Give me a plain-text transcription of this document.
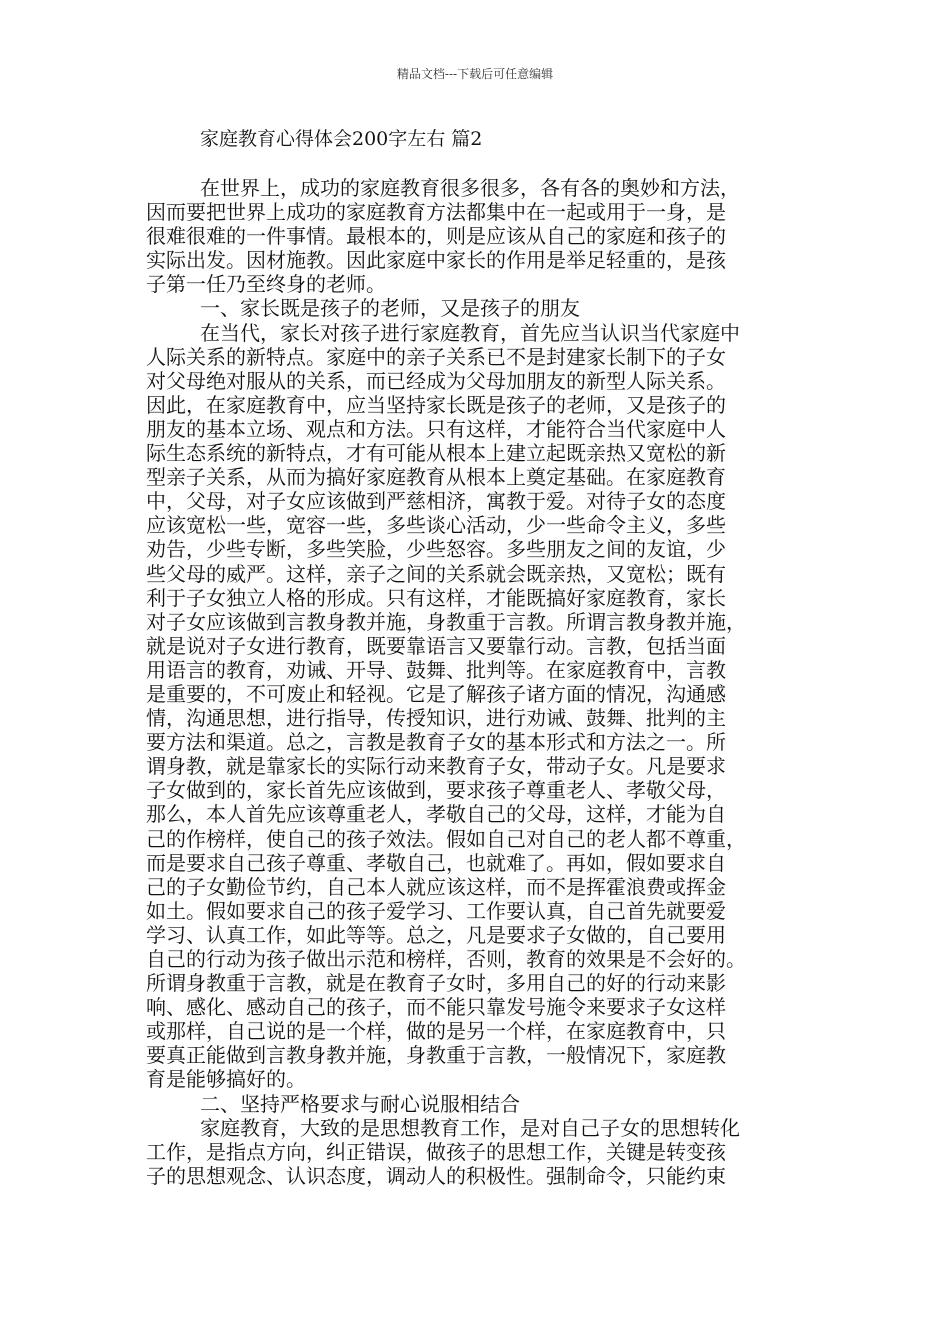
精品文档---下载后可任意编辑
家庭教育心得体会200字左右 篇2
在世界上，成功的家庭教育很多很多，各有各的奥妙和方法，
因而要把世界上成功的家庭教育方法都集中在一起或用于一身，是
很难很难的一件事情。最根本的，则是应该从自己的家庭和孩子的
实际出发。因材施教。因此家庭中家长的作用是举足轻重的，是孩
子第一任乃至终身的老师。
一、家长既是孩子的老师，又是孩子的朋友
在当代，家长对孩子进行家庭教育，首先应当认识当代家庭中
人际关系的新特点。家庭中的亲子关系已不是封建家长制下的子女
对父母绝对服从的关系，而已经成为父母加朋友的新型人际关系。
因此，在家庭教育中，应当坚持家长既是孩子的老师，又是孩子的
朋友的基本立场、观点和方法。只有这样，才能符合当代家庭中人
际生态系统的新特点，才有可能从根本上建立起既亲热又宽松的新
型亲子关系，从而为搞好家庭教育从根本上奠定基础。在家庭教育
中，父母，对子女应该做到严慈相济，寓教于爱。对待子女的态度
应该宽松一些，宽容一些，多些谈心活动，少一些命令主义，多些
劝告，少些专断，多些笑脸，少些怒容。多些朋友之间的友谊，少
些父母的威严。这样，亲子之间的关系就会既亲热，又宽松；既有
利于子女独立人格的形成。只有这样，才能既搞好家庭教育，家长
对子女应该做到言教身教并施，身教重于言教。所谓言教身教并施，
就是说对子女进行教育，既要靠语言又要靠行动。言教，包括当面
用语言的教育，劝诫、开导、鼓舞、批判等。在家庭教育中，言教
是重要的，不可废止和轻视。它是了解孩子诸方面的情况，沟通感
情，沟通思想，进行指导，传授知识，进行劝诫、鼓舞、批判的主
要方法和渠道。总之，言教是教育子女的基本形式和方法之一。所
谓身教，就是靠家长的实际行动来教育子女，带动子女。凡是要求
子女做到的，家长首先应该做到，要求孩子尊重老人、孝敬父母，
那么，本人首先应该尊重老人，孝敬自己的父母，这样，才能为自
己的作榜样，使自己的孩子效法。假如自己对自己的老人都不尊重，
而是要求自己孩子尊重、孝敬自己，也就难了。再如，假如要求自
己的子女勤俭节约，自己本人就应该这样，而不是挥霍浪费或挥金
如土。假如要求自己的孩子爱学习、工作要认真，自己首先就要爱
学习、认真工作，如此等等。总之，凡是要求子女做的，自己要用
自己的行动为孩子做出示范和榜样，否则，教育的效果是不会好的。
所谓身教重于言教，就是在教育子女时，多用自己的好的行动来影
响、感化、感动自己的孩子，而不能只靠发号施令来要求子女这样
或那样，自己说的是一个样，做的是另一个样，在家庭教育中，只
要真正能做到言教身教并施，身教重于言教，一般情况下，家庭教
育是能够搞好的。
二、坚持严格要求与耐心说服相结合
家庭教育，大致的是思想教育工作，是对自己子女的思想转化
工作，是指点方向，纠正错误，做孩子的思想工作，关键是转变孩
子的思想观念、认识态度，调动人的积极性。强制命令，只能约束
